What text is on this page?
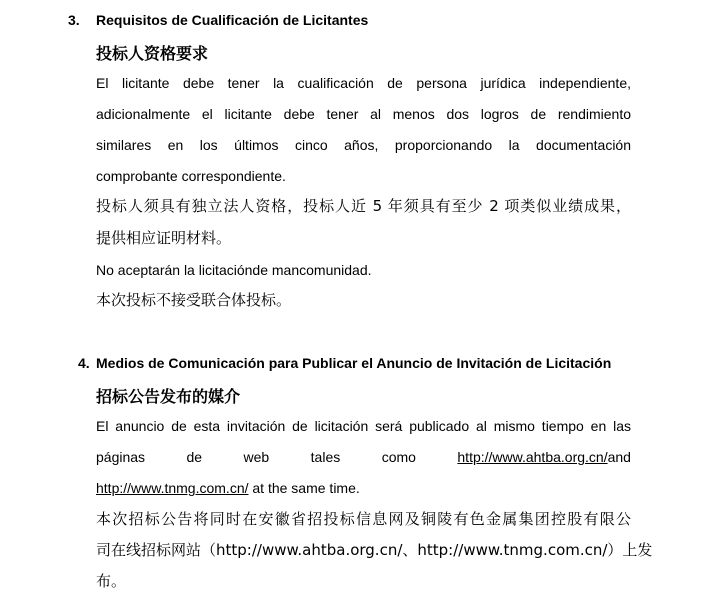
3. Requisitos de Cualificación de Licitantes
投标人资格要求
El licitante debe tener la cualificación de persona jurídica independiente,
adicionalmente el licitante debe tener al menos dos logros de rendimiento
similares en los últimos cinco años, proporcionando la documentación
comprobante correspondiente.
投标人须具有独立法人资格，投标人近 5 年须具有至少 2 项类似业绩成果，
提供相应证明材料。
No aceptarán la licitaciónde mancomunidad.
本次投标不接受联合体投标。
4. Medios de Comunicación para Publicar el Anuncio de Invitación de Licitación
招标公告发布的媒介
El anuncio de esta invitación de licitación será publicado al mismo tiempo en las
páginas	de	web	tales	como	http://www.ahtba.org.cn/and
http://www.tnmg.com.cn/ at the same time.
本次招标公告将同时在安徽省招投标信息网及铜陵有色金属集团控股有限公
司在线招标网站（http://www.ahtba.org.cn/、http://www.tnmg.com.cn/）上发
布。
